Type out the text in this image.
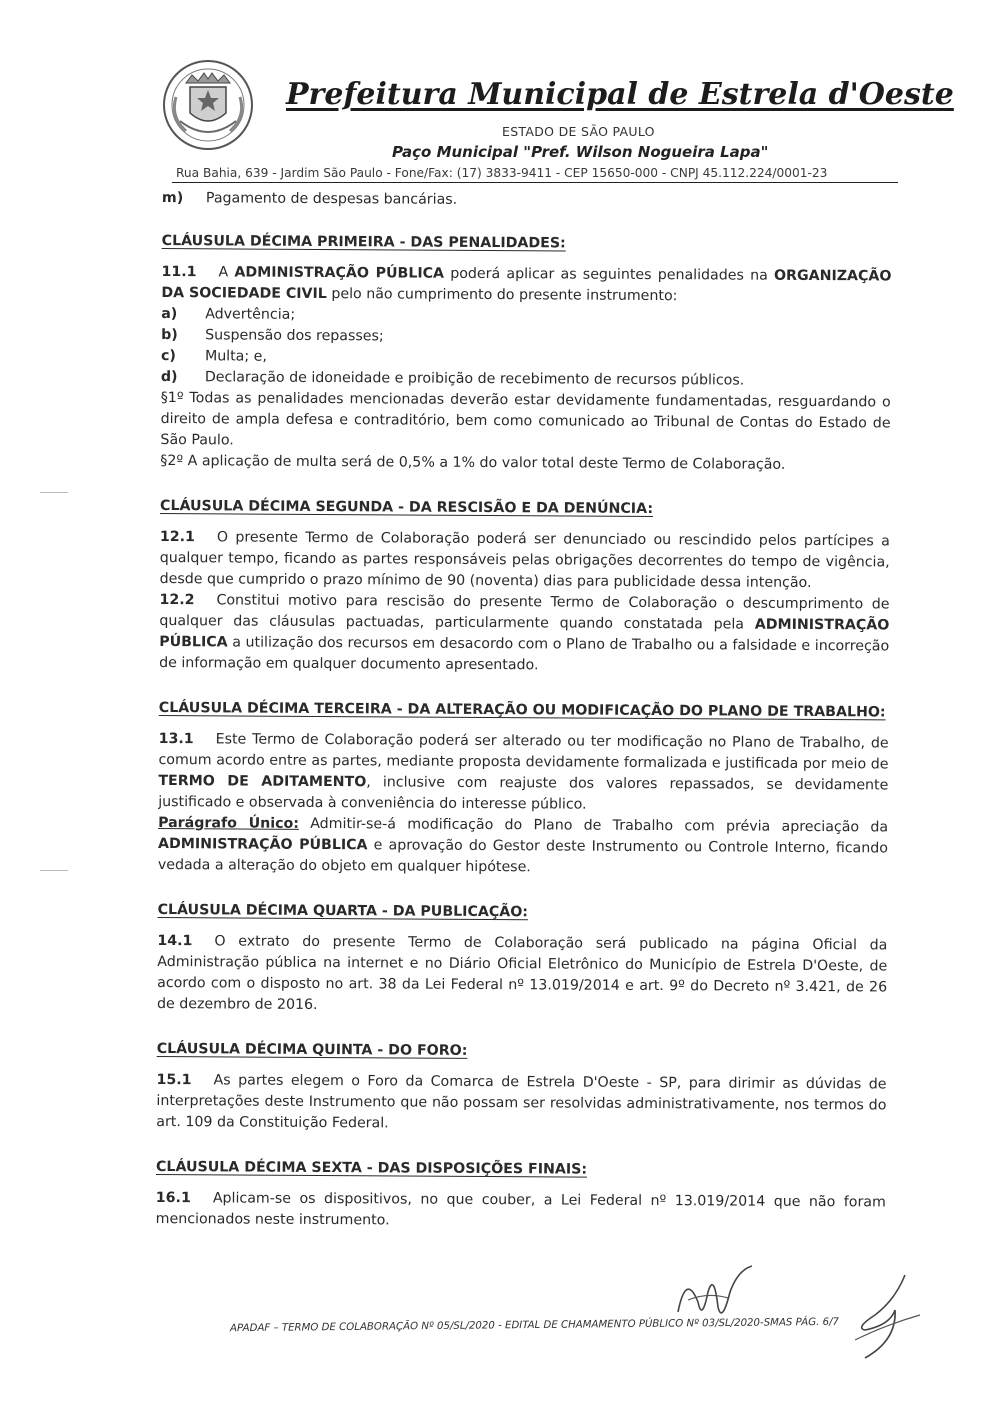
Prefeitura Municipal de Estrela d'Oeste
ESTADO DE SÃO PAULO
Paço Municipal "Pref. Wilson Nogueira Lapa"
Rua Bahia, 639 - Jardim São Paulo - Fone/Fax: (17) 3833-9411 - CEP 15650-000 - CNPJ 45.112.224/0001-23
m)	Pagamento de despesas bancárias.
CLÁUSULA DÉCIMA PRIMEIRA - DAS PENALIDADES:

11.1 A ADMINISTRAÇÃO PÚBLICA poderá aplicar as seguintes penalidades na ORGANIZAÇÃO DA SOCIEDADE CIVIL pelo não cumprimento do presente instrumento:

a)	Advertência;
b)	Suspensão dos repasses;
c)	Multa; e,
d)	Declaração de idoneidade e proibição de recebimento de recursos públicos.

§1º Todas as penalidades mencionadas deverão estar devidamente fundamentadas, resguardando o direito de ampla defesa e contraditório, bem como comunicado ao Tribunal de Contas do Estado de São Paulo.

§2º A aplicação de multa será de 0,5% a 1% do valor total deste Termo de Colaboração.

CLÁUSULA DÉCIMA SEGUNDA - DA RESCISÃO E DA DENÚNCIA:

12.1 O presente Termo de Colaboração poderá ser denunciado ou rescindido pelos partícipes a qualquer tempo, ficando as partes responsáveis pelas obrigações decorrentes do tempo de vigência, desde que cumprido o prazo mínimo de 90 (noventa) dias para publicidade dessa intenção.

12.2 Constitui motivo para rescisão do presente Termo de Colaboração o descumprimento de qualquer das cláusulas pactuadas, particularmente quando constatada pela ADMINISTRAÇÃO PÚBLICA a utilização dos recursos em desacordo com o Plano de Trabalho ou a falsidade e incorreção de informação em qualquer documento apresentado.

CLÁUSULA DÉCIMA TERCEIRA - DA ALTERAÇÃO OU MODIFICAÇÃO DO PLANO DE TRABALHO:

13.1 Este Termo de Colaboração poderá ser alterado ou ter modificação no Plano de Trabalho, de comum acordo entre as partes, mediante proposta devidamente formalizada e justificada por meio de TERMO DE ADITAMENTO, inclusive com reajuste dos valores repassados, se devidamente justificado e observada à conveniência do interesse público.

Parágrafo Único: Admitir-se-á modificação do Plano de Trabalho com prévia apreciação da ADMINISTRAÇÃO PÚBLICA e aprovação do Gestor deste Instrumento ou Controle Interno, ficando vedada a alteração do objeto em qualquer hipótese.

CLÁUSULA DÉCIMA QUARTA - DA PUBLICAÇÃO:

14.1 O extrato do presente Termo de Colaboração será publicado na página Oficial da Administração pública na internet e no Diário Oficial Eletrônico do Município de Estrela D'Oeste, de acordo com o disposto no art. 38 da Lei Federal nº 13.019/2014 e art. 9º do Decreto nº 3.421, de 26 de dezembro de 2016.

CLÁUSULA DÉCIMA QUINTA - DO FORO:

15.1 As partes elegem o Foro da Comarca de Estrela D'Oeste - SP, para dirimir as dúvidas de interpretações deste Instrumento que não possam ser resolvidas administrativamente, nos termos do art. 109 da Constituição Federal.

CLÁUSULA DÉCIMA SEXTA - DAS DISPOSIÇÕES FINAIS:

16.1 Aplicam-se os dispositivos, no que couber, a Lei Federal nº 13.019/2014 que não foram mencionados neste instrumento.

APADAF – TERMO DE COLABORAÇÃO Nº 05/SL/2020 - EDITAL DE CHAMAMENTO PÚBLICO Nº 03/SL/2020-SMAS PÁG. 6/7
